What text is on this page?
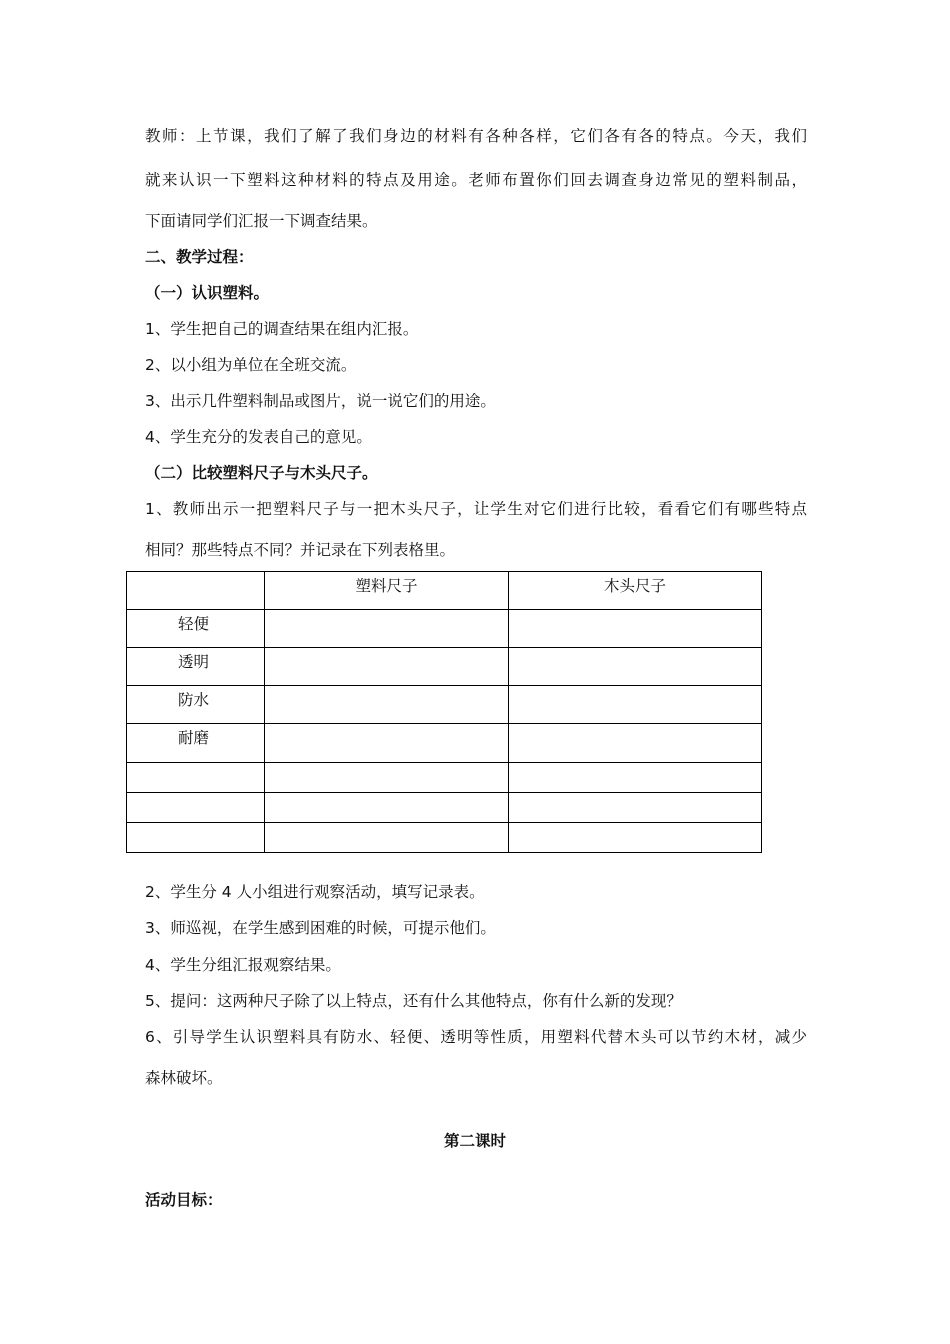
教师：上节课，我们了解了我们身边的材料有各种各样，它们各有各的特点。今天，我们
就来认识一下塑料这种材料的特点及用途。老师布置你们回去调查身边常见的塑料制品，
下面请同学们汇报一下调查结果。
二、教学过程：
（一）认识塑料。
1、学生把自己的调查结果在组内汇报。
2、以小组为单位在全班交流。
3、出示几件塑料制品或图片，说一说它们的用途。
4、学生充分的发表自己的意见。
（二）比较塑料尺子与木头尺子。
1、教师出示一把塑料尺子与一把木头尺子，让学生对它们进行比较，看看它们有哪些特点
相同？那些特点不同？并记录在下列表格里。

	塑料尺子	木头尺子

轻便		

透明		

防水		

耐磨		

2、学生分 4 人小组进行观察活动，填写记录表。
3、师巡视，在学生感到困难的时候，可提示他们。
4、学生分组汇报观察结果。
5、提问：这两种尺子除了以上特点，还有什么其他特点，你有什么新的发现？
6、引导学生认识塑料具有防水、轻便、透明等性质，用塑料代替木头可以节约木材，减少
森林破坏。
第二课时
活动目标：
